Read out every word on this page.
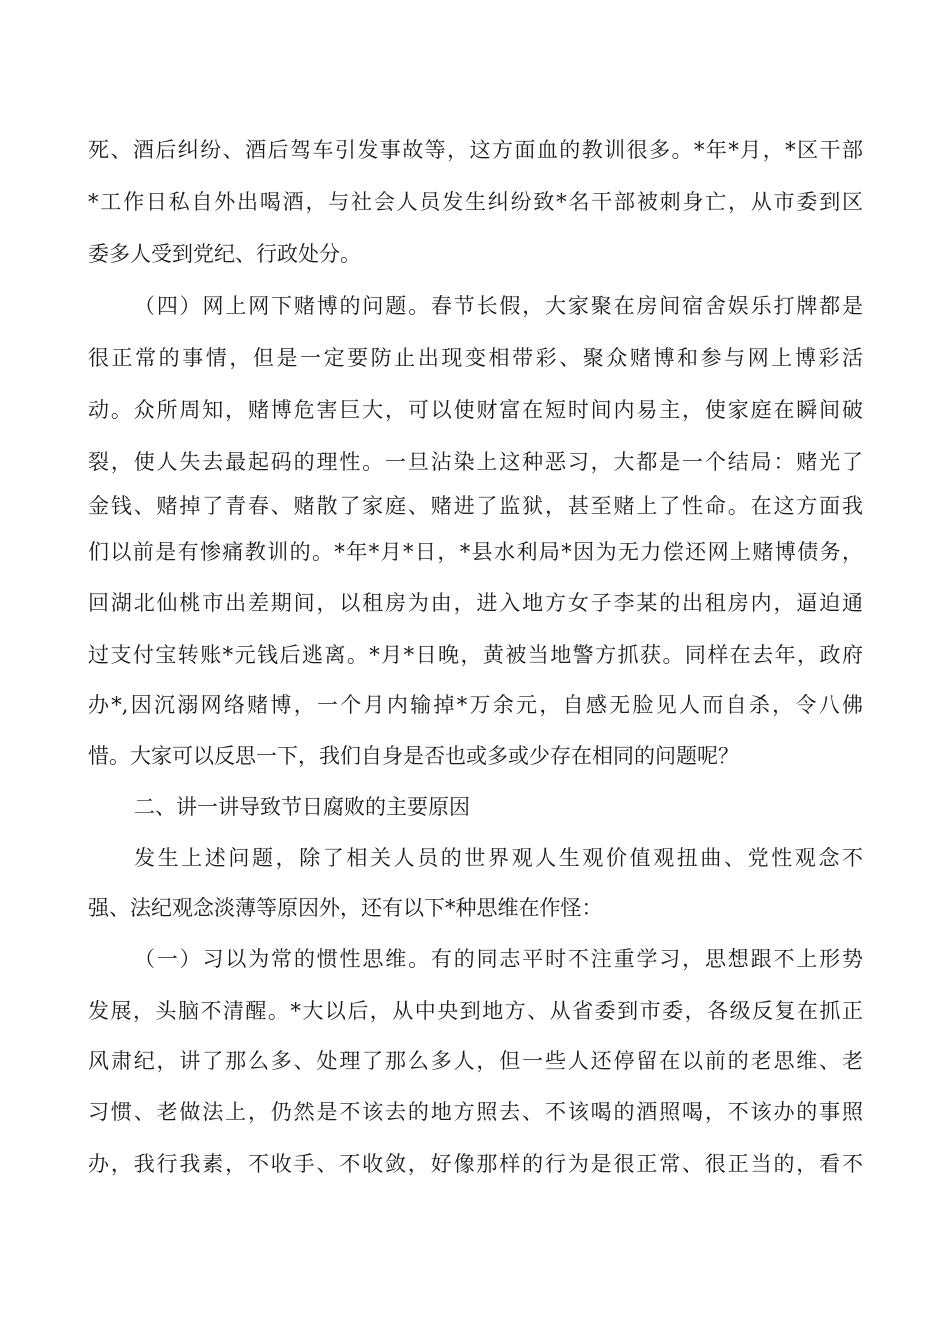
死、酒后纠纷、酒后驾车引发事故等，这方面血的教训很多。*年*月，*区干部
*工作日私自外出喝酒，与社会人员发生纠纷致*名干部被刺身亡，从市委到区
委多人受到党纪、行政处分。
（四）网上网下赌博的问题。春节长假，大家聚在房间宿舍娱乐打牌都是
很正常的事情，但是一定要防止出现变相带彩、聚众赌博和参与网上博彩活
动。众所周知，赌博危害巨大，可以使财富在短时间内易主，使家庭在瞬间破
裂，使人失去最起码的理性。一旦沾染上这种恶习，大都是一个结局：赌光了
金钱、赌掉了青春、赌散了家庭、赌进了监狱，甚至赌上了性命。在这方面我
们以前是有惨痛教训的。*年*月*日，*县水利局*因为无力偿还网上赌博债务，
回湖北仙桃市出差期间，以租房为由，进入地方女子李某的出租房内，逼迫通
过支付宝转账*元钱后逃离。*月*日晚，黄被当地警方抓获。同样在去年，政府
办*,因沉溺网络赌博，一个月内输掉*万余元，自感无脸见人而自杀，令八佛
惜。大家可以反思一下，我们自身是否也或多或少存在相同的问题呢？
二、讲一讲导致节日腐败的主要原因
发生上述问题，除了相关人员的世界观人生观价值观扭曲、党性观念不
强、法纪观念淡薄等原因外，还有以下*种思维在作怪：
（一）习以为常的惯性思维。有的同志平时不注重学习，思想跟不上形势
发展，头脑不清醒。*大以后，从中央到地方、从省委到市委，各级反复在抓正
风肃纪，讲了那么多、处理了那么多人，但一些人还停留在以前的老思维、老
习惯、老做法上，仍然是不该去的地方照去、不该喝的酒照喝，不该办的事照
办，我行我素，不收手、不收敛，好像那样的行为是很正常、很正当的，看不
